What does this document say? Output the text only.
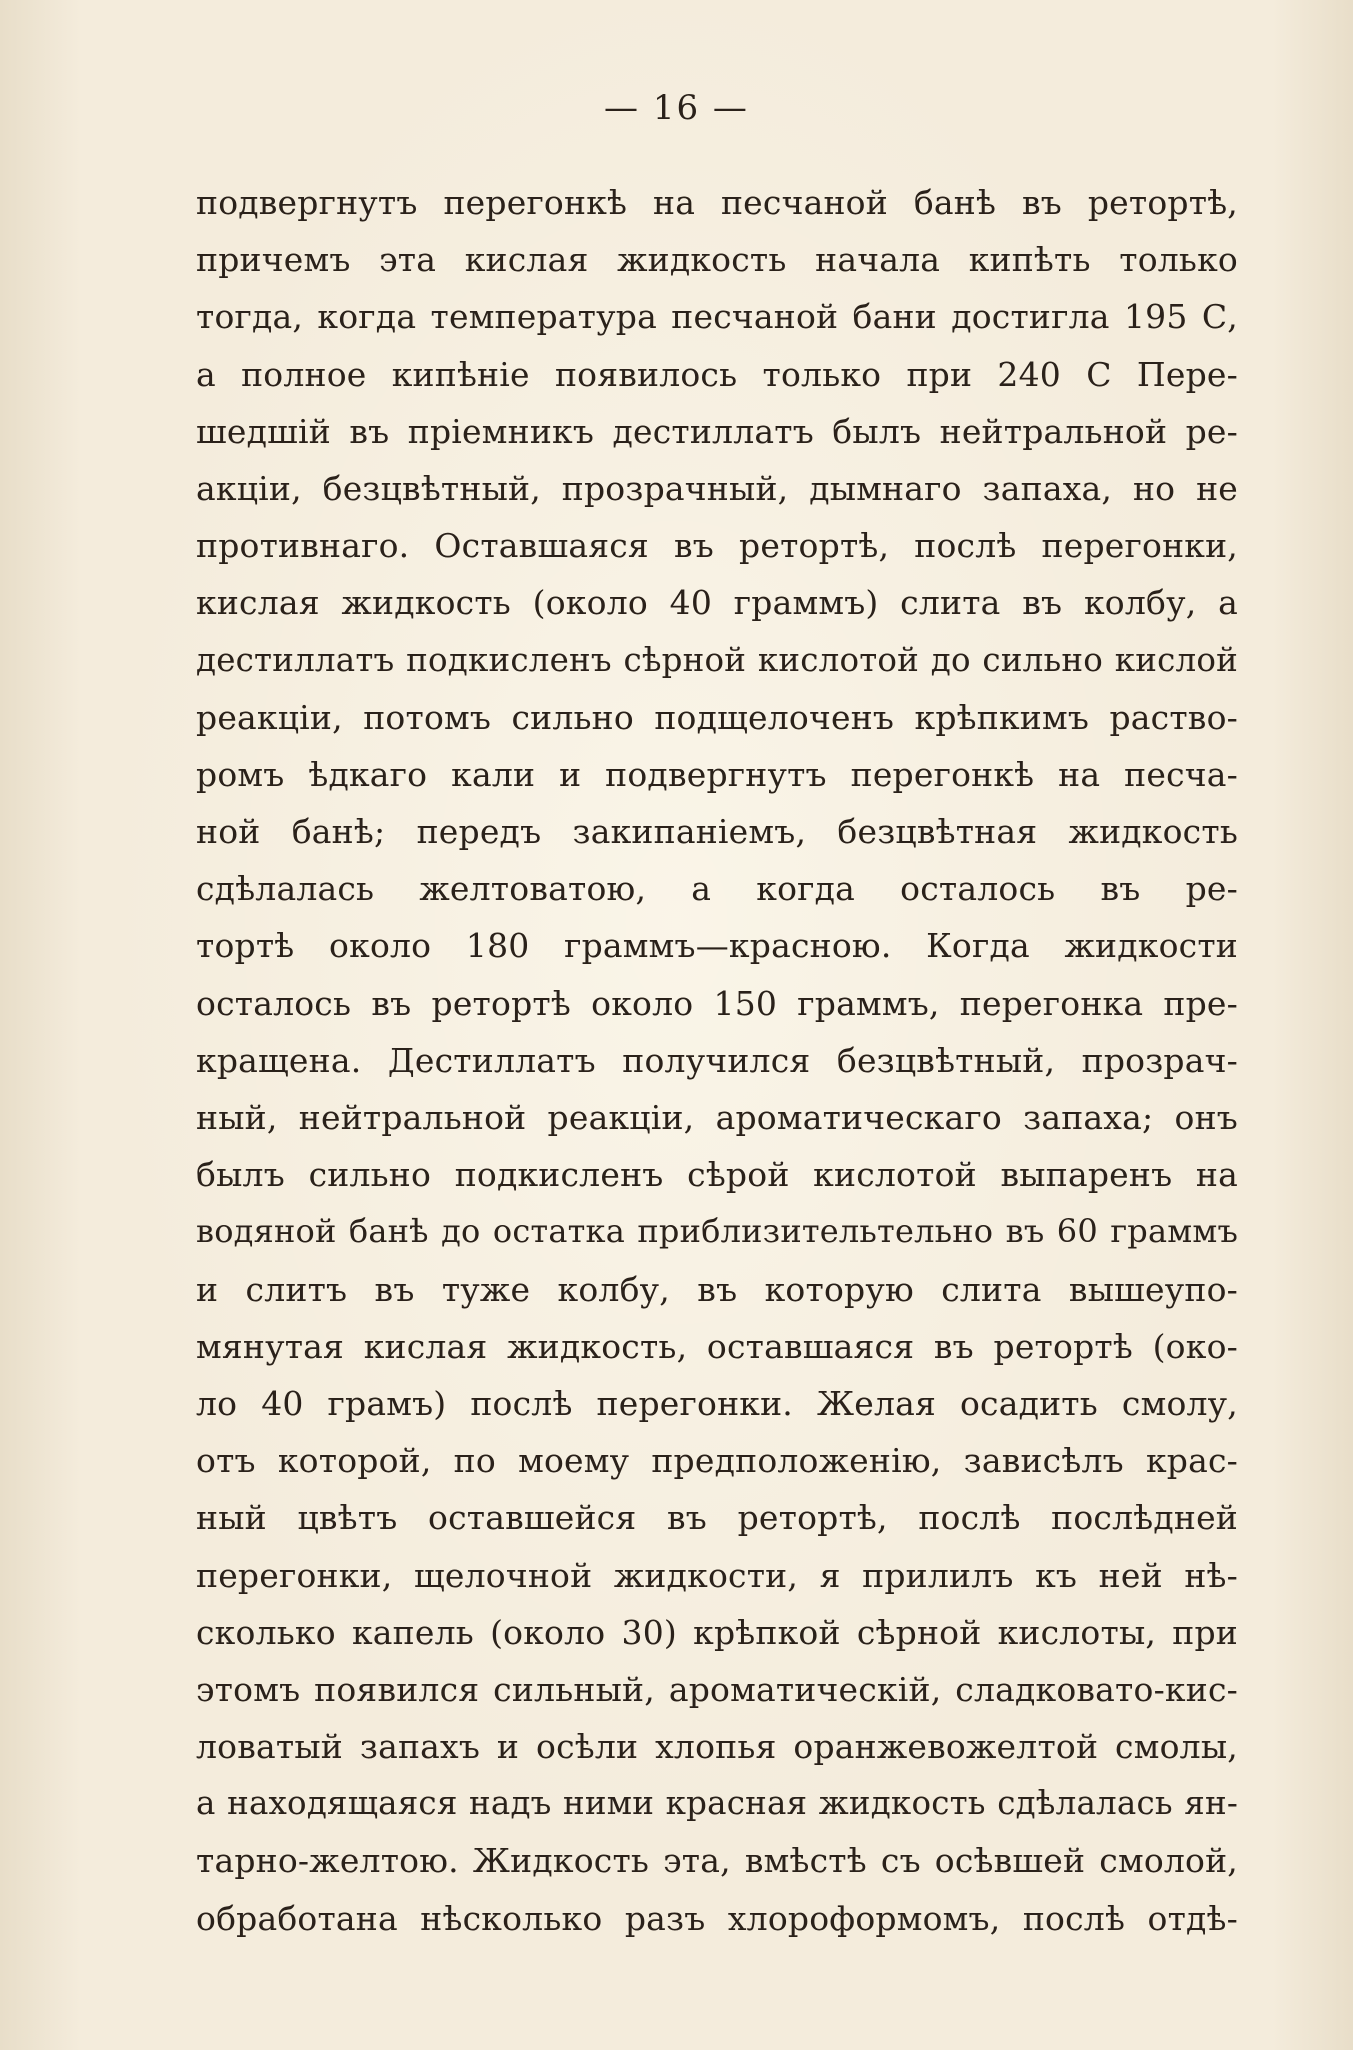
— 16 —
подвергнутъ перегонкѣ на песчаной банѣ въ ретортѣ,
причемъ эта кислая жидкость начала кипѣть только
тогда, когда температура песчаной бани достигла 195 С,
а полное кипѣніе появилось только при 240 С Пере-
шедшій въ пріемникъ дестиллатъ былъ нейтральной ре-
акціи, безцвѣтный, прозрачный, дымнаго запаха, но не
противнаго. Оставшаяся въ ретортѣ, послѣ перегонки,
кислая жидкость (около 40 граммъ) слита въ колбу, а
дестиллатъ подкисленъ сѣрной кислотой до сильно кислой
реакціи, потомъ сильно подщелоченъ крѣпкимъ раство-
ромъ ѣдкаго кали и подвергнутъ перегонкѣ на песча-
ной банѣ; передъ закипаніемъ, безцвѣтная жидкость
сдѣлалась желтоватою, а когда осталось въ ре-
тортѣ около 180 граммъ—красною. Когда жидкости
осталось въ ретортѣ около 150 граммъ, перегонка пре-
кращена. Дестиллатъ получился безцвѣтный, прозрач-
ный, нейтральной реакціи, ароматическаго запаха; онъ
былъ сильно подкисленъ сѣрой кислотой выпаренъ на
водяной банѣ до остатка приблизительтельно въ 60 граммъ
и слитъ въ туже колбу, въ которую слита вышеупо-
мянутая кислая жидкость, оставшаяся въ ретортѣ (око-
ло 40 грамъ) послѣ перегонки. Желая осадить смолу,
отъ которой, по моему предположенію, зависѣлъ крас-
ный цвѣтъ оставшейся въ ретортѣ, послѣ послѣдней
перегонки, щелочной жидкости, я прилилъ къ ней нѣ-
сколько капель (около 30) крѣпкой сѣрной кислоты, при
этомъ появился сильный, ароматическій, сладковато-кис-
ловатый запахъ и осѣли хлопья оранжевожелтой смолы,
а находящаяся надъ ними красная жидкость сдѣлалась ян-
тарно-желтою. Жидкость эта, вмѣстѣ съ осѣвшей смолой,
обработана нѣсколько разъ хлороформомъ, послѣ отдѣ-
